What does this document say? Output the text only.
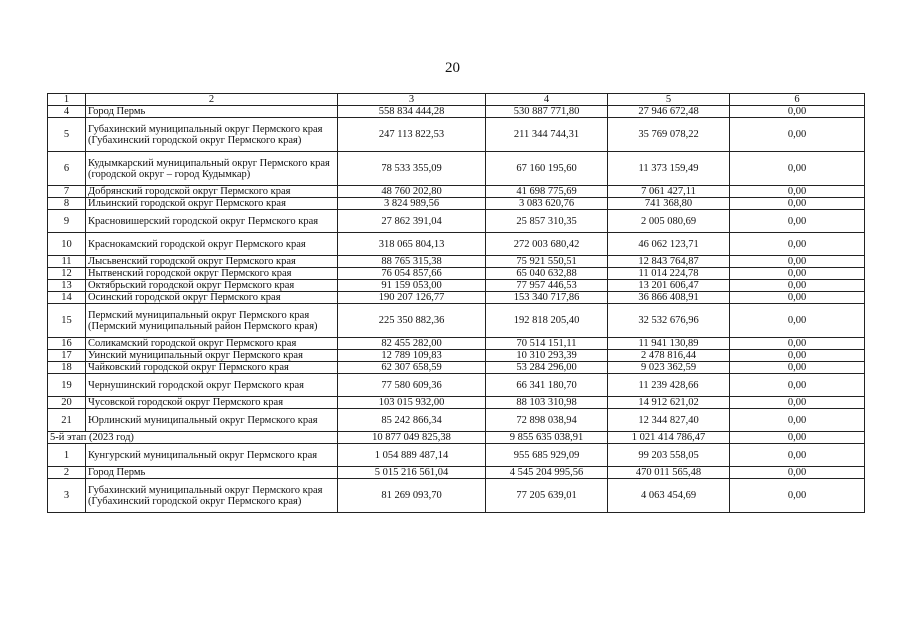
20
1	2	3	4	5	6
4	Город Пермь	558 834 444,28	530 887 771,80	27 946 672,48	0,00
5	Губахинский муниципальный округ Пермского края (Губахинский городской округ Пермского края)	247 113 822,53	211 344 744,31	35 769 078,22	0,00
6	Кудымкарский муниципальный округ Пермского края (городской округ – город Кудымкар)	78 533 355,09	67 160 195,60	11 373 159,49	0,00
7	Добрянский городской округ Пермского края	48 760 202,80	41 698 775,69	7 061 427,11	0,00
8	Ильинский городской округ Пермского края	3 824 989,56	3 083 620,76	741 368,80	0,00
9	Красновишерский городской округ Пермского края	27 862 391,04	25 857 310,35	2 005 080,69	0,00
10	Краснокамский городской округ Пермского края	318 065 804,13	272 003 680,42	46 062 123,71	0,00
11	Лысьвенский городской округ Пермского края	88 765 315,38	75 921 550,51	12 843 764,87	0,00
12	Нытвенский городской округ Пермского края	76 054 857,66	65 040 632,88	11 014 224,78	0,00
13	Октябрьский городской округ Пермского края	91 159 053,00	77 957 446,53	13 201 606,47	0,00
14	Осинский городской округ Пермского края	190 207 126,77	153 340 717,86	36 866 408,91	0,00
15	Пермский муниципальный округ Пермского края (Пермский муниципальный район Пермского края)	225 350 882,36	192 818 205,40	32 532 676,96	0,00
16	Соликамский городской округ Пермского края	82 455 282,00	70 514 151,11	11 941 130,89	0,00
17	Уинский муниципальный округ Пермского края	12 789 109,83	10 310 293,39	2 478 816,44	0,00
18	Чайковский городской округ Пермского края	62 307 658,59	53 284 296,00	9 023 362,59	0,00
19	Чернушинский городской округ Пермского края	77 580 609,36	66 341 180,70	11 239 428,66	0,00
20	Чусовской городской округ Пермского края	103 015 932,00	88 103 310,98	14 912 621,02	0,00
21	Юрлинский муниципальный округ Пермского края	85 242 866,34	72 898 038,94	12 344 827,40	0,00
5-й этап (2023 год)		10 877 049 825,38	9 855 635 038,91	1 021 414 786,47	0,00
1	Кунгурский муниципальный округ Пермского края	1 054 889 487,14	955 685 929,09	99 203 558,05	0,00
2	Город Пермь	5 015 216 561,04	4 545 204 995,56	470 011 565,48	0,00
3	Губахинский муниципальный округ Пермского края (Губахинский городской округ Пермского края)	81 269 093,70	77 205 639,01	4 063 454,69	0,00
